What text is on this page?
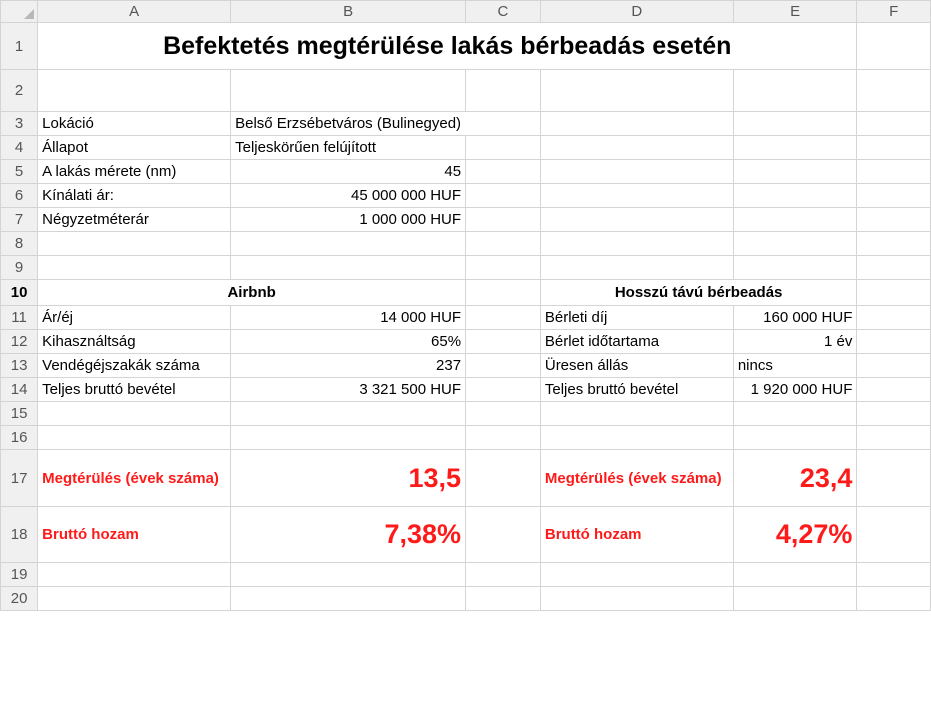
	A	B	C	D	E	F
1	Befektetés megtérülése lakás bérbeadás esetén					
2						
3	Lokáció	Belső Erzsébetváros (Bulinegyed)				
4	Állapot	Teljeskörűen felújított				
5	A lakás mérete (nm)	45				
6	Kínálati ár:	45 000 000 HUF				
7	Négyzetméterár	1 000 000 HUF				
8						
9						
10	Airbnb			Hosszú távú bérbeadás		
11	Ár/éj	14 000 HUF		Bérleti díj	160 000 HUF	
12	Kihasználtság	65%		Bérlet időtartama	1 év	
13	Vendégéjszakák száma	237		Üresen állás	nincs	
14	Teljes bruttó bevétel	3 321 500 HUF		Teljes bruttó bevétel	1 920 000 HUF	
15						
16						
17	Megtérülés (évek száma)	13,5		Megtérülés (évek száma)	23,4	
18	Bruttó hozam	7,38%		Bruttó hozam	4,27%	
19						
20						
